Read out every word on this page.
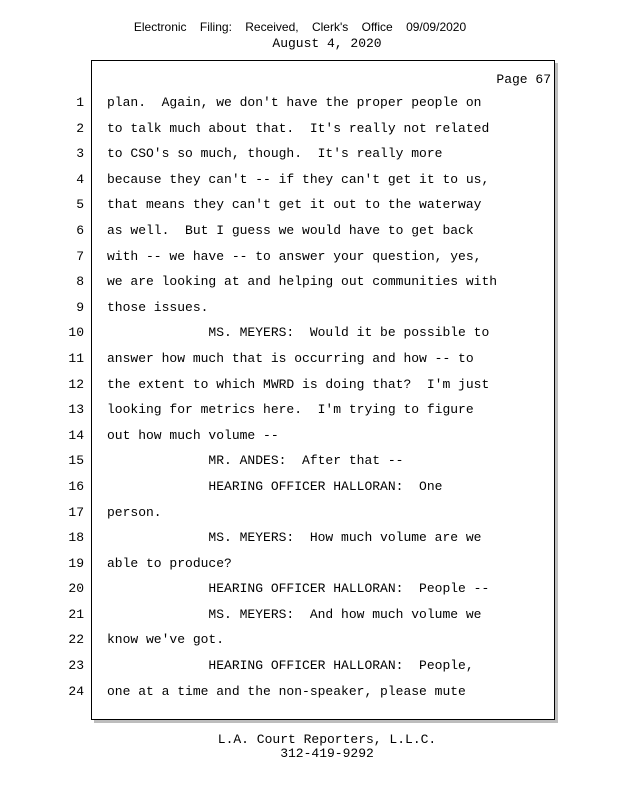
Electronic Filing: Received, Clerk's Office 09/09/2020
August 4, 2020
Page 67
1
2
3
4
5
6
7
8
9
10
11
12
13
14
15
16
17
18
19
20
21
22
23
24
plan.  Again, we don't have the proper people on
to talk much about that.  It's really not related
to CSO's so much, though.  It's really more
because they can't -- if they can't get it to us,
that means they can't get it out to the waterway
as well.  But I guess we would have to get back
with -- we have -- to answer your question, yes,
we are looking at and helping out communities with
those issues.
MS. MEYERS:  Would it be possible to
answer how much that is occurring and how -- to
the extent to which MWRD is doing that?  I'm just
looking for metrics here.  I'm trying to figure
out how much volume --
MR. ANDES:  After that --
HEARING OFFICER HALLORAN:  One
person.
MS. MEYERS:  How much volume are we
able to produce?
HEARING OFFICER HALLORAN:  People --
MS. MEYERS:  And how much volume we
know we've got.
HEARING OFFICER HALLORAN:  People,
one at a time and the non-speaker, please mute
L.A. Court Reporters, L.L.C.
312-419-9292
